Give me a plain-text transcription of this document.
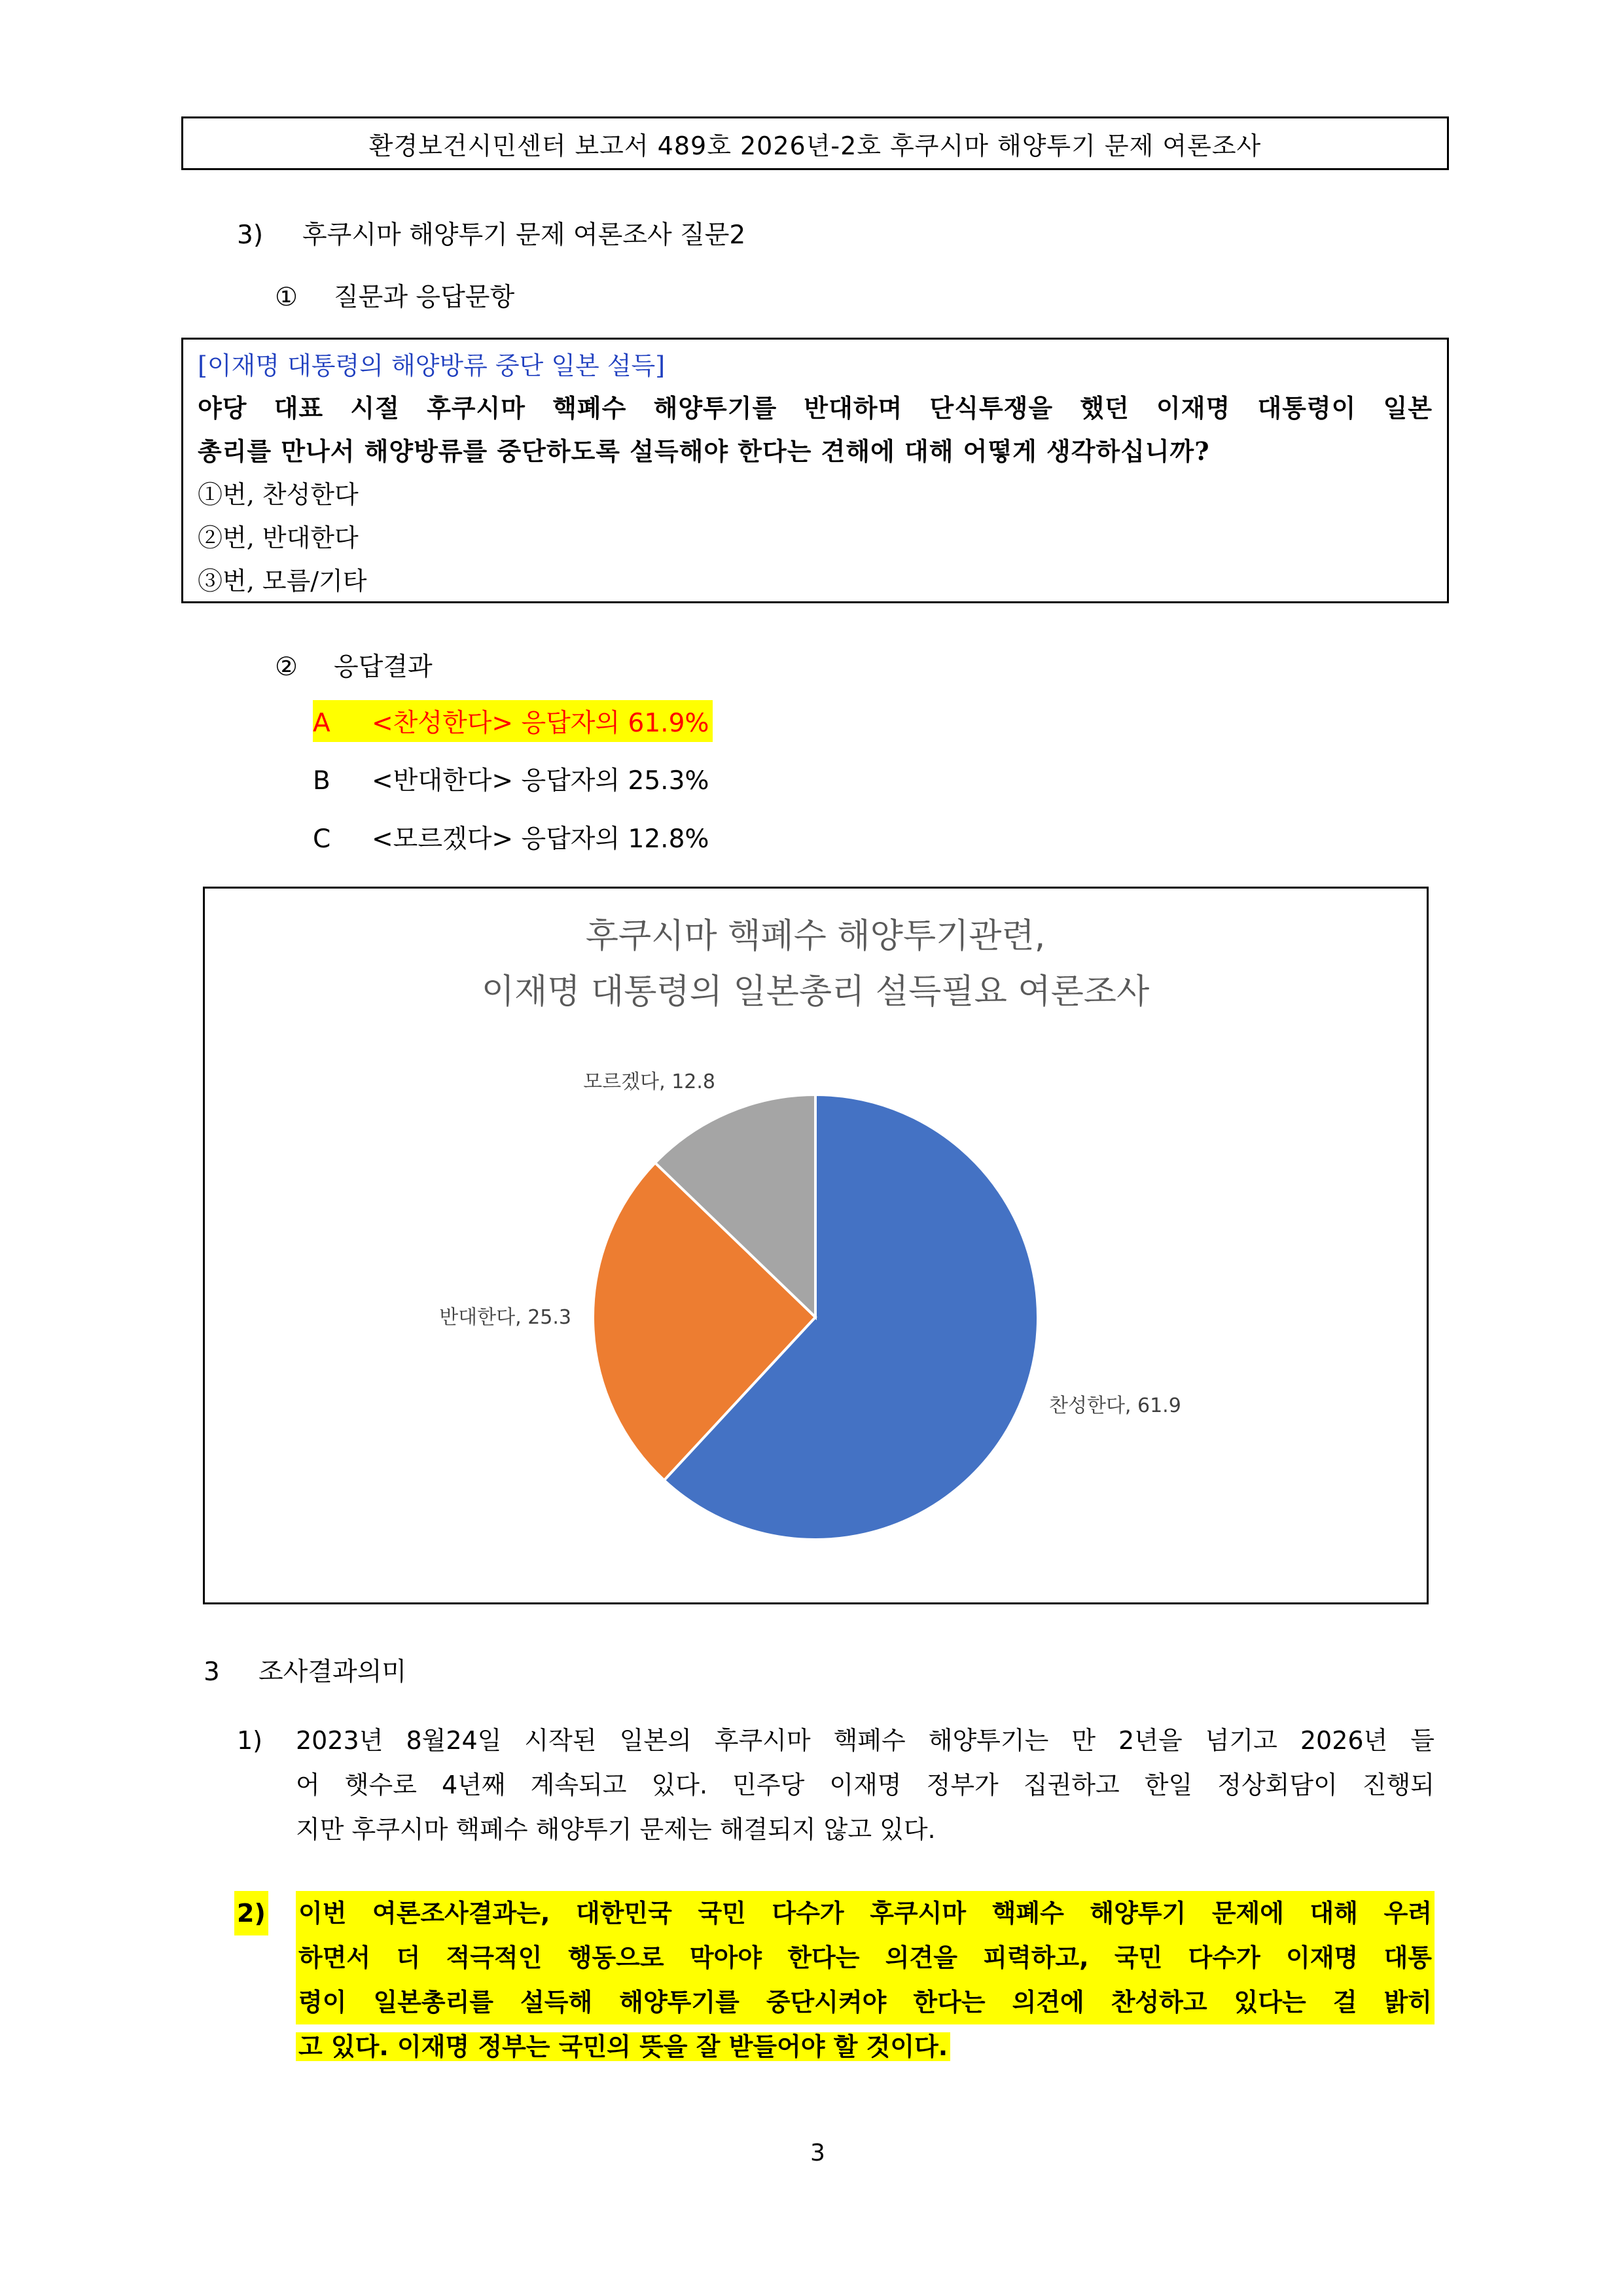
환경보건시민센터 보고서 489호 2026년-2호 후쿠시마 해양투기 문제 여론조사
3) 후쿠시마 해양투기 문제 여론조사 질문2
① 질문과 응답문항
[이재명 대통령의 해양방류 중단 일본 설득]
야당 대표 시절 후쿠시마 핵폐수 해양투기를 반대하며 단식투쟁을 했던 이재명 대통령이 일본
총리를 만나서 해양방류를 중단하도록 설득해야 한다는 견해에 대해 어떻게 생각하십니까?
①번, 찬성한다
②번, 반대한다
③번, 모름/기타
② 응답결과
A <찬성한다> 응답자의 61.9%
B <반대한다> 응답자의 25.3%
C <모르겠다> 응답자의 12.8%
후쿠시마 핵폐수 해양투기관련,
이재명 대통령의 일본총리 설득필요 여론조사
찬성한다, 61.9
반대한다, 25.3
모르겠다, 12.8
3 조사결과의미
1) 2023년 8월24일 시작된 일본의 후쿠시마 핵폐수 해양투기는 만 2년을 넘기고 2026년 들
어 햇수로 4년째 계속되고 있다. 민주당 이재명 정부가 집권하고 한일 정상회담이 진행되
지만 후쿠시마 핵폐수 해양투기 문제는 해결되지 않고 있다.
2) 이번 여론조사결과는, 대한민국 국민 다수가 후쿠시마 핵폐수 해양투기 문제에 대해 우려
하면서 더 적극적인 행동으로 막아야 한다는 의견을 피력하고, 국민 다수가 이재명 대통
령이 일본총리를 설득해 해양투기를 중단시켜야 한다는 의견에 찬성하고 있다는 걸 밝히
고 있다. 이재명 정부는 국민의 뜻을 잘 받들어야 할 것이다.
3
